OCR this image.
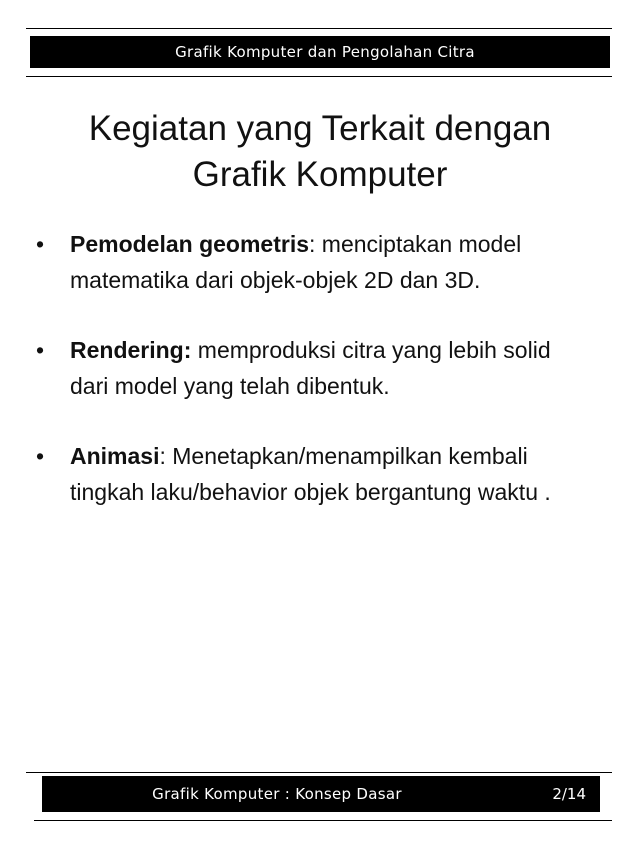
Grafik Komputer dan Pengolahan Citra
Kegiatan yang Terkait dengan
Grafik Komputer
•	Pemodelan geometris: menciptakan model matematika dari objek-objek 2D dan 3D.
•	Rendering: memproduksi citra yang lebih solid dari model yang telah dibentuk.
•	Animasi: Menetapkan/menampilkan kembali tingkah laku/behavior objek bergantung waktu .
Grafik Komputer : Konsep Dasar	2/14
